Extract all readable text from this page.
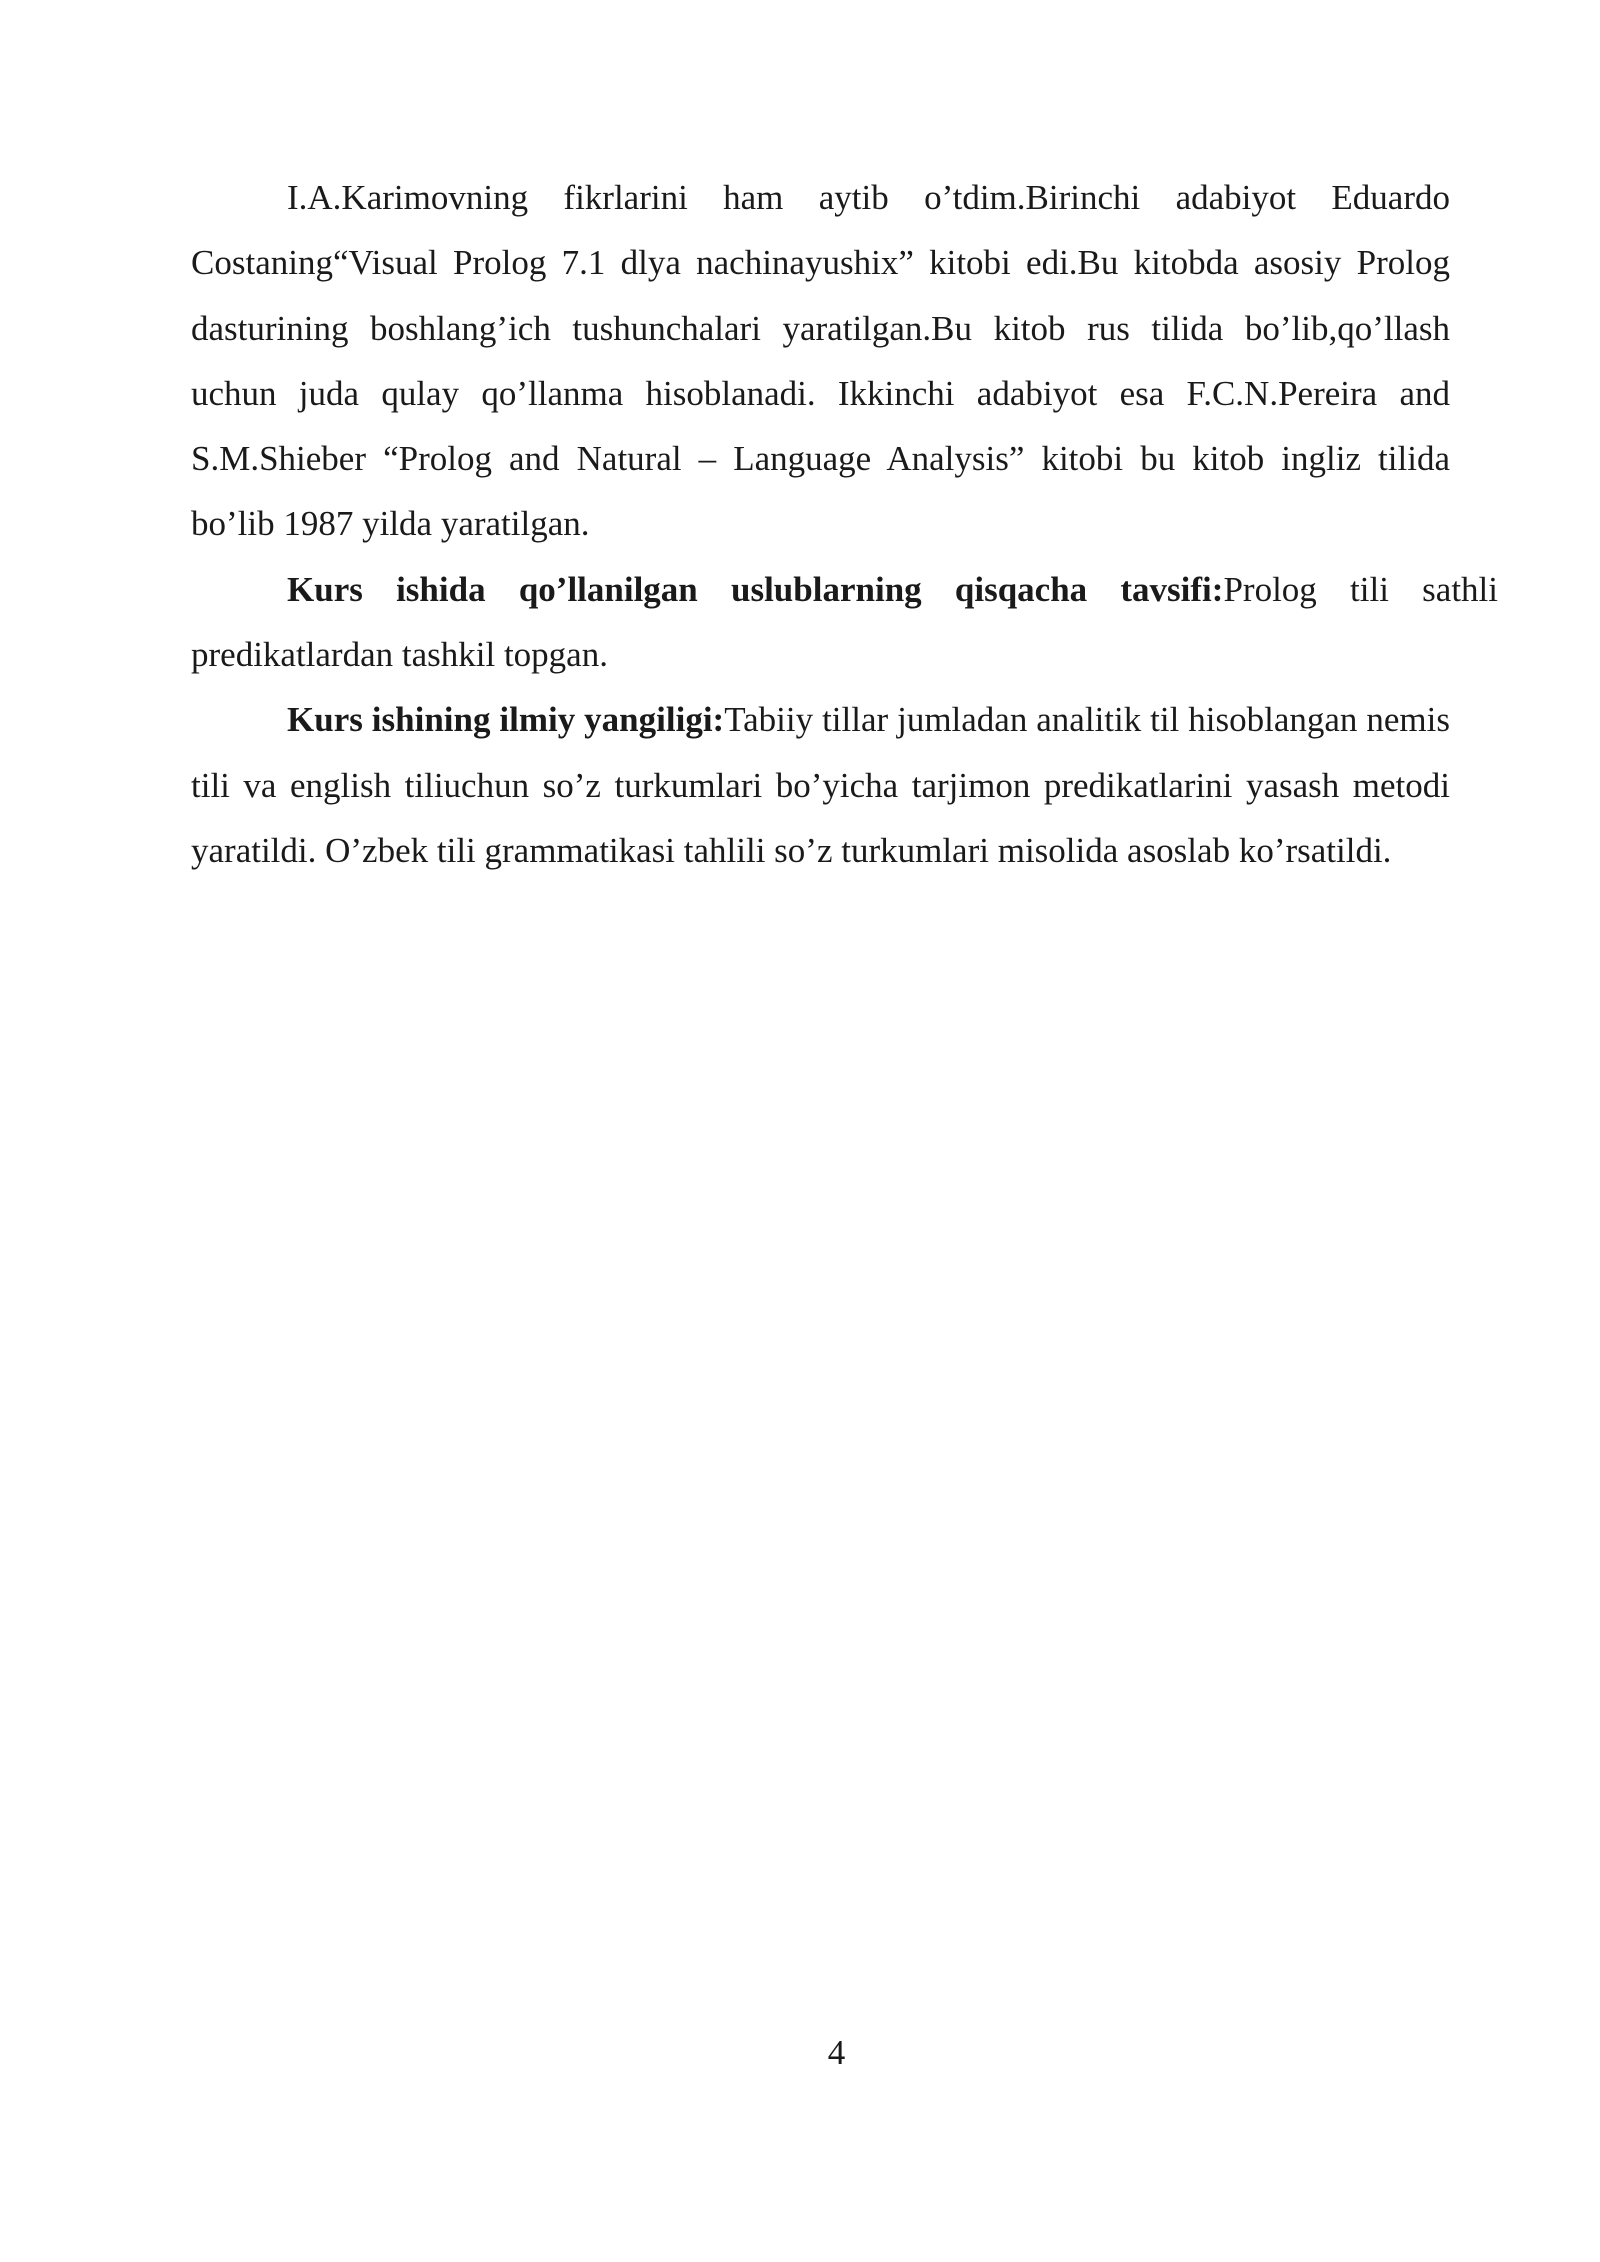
I.A.Karimovning fikrlarini ham aytib o’tdim.Birinchi adabiyot Eduardo Costaning“Visual Prolog 7.1 dlya nachinayushix” kitobi edi.Bu kitobda asosiy Prolog dasturining boshlang’ich tushunchalari yaratilgan.Bu kitob rus tilida bo’lib,qo’llash uchun juda qulay qo’llanma hisoblanadi. Ikkinchi adabiyot esa F.C.N.Pereira and S.M.Shieber “Prolog and Natural – Language Analysis” kitobi bu kitob ingliz tilida bo’lib 1987 yilda yaratilgan.

Kurs ishida qo’llanilgan uslublarning qisqacha tavsifi:Prolog tili sathli predikatlardan tashkil topgan.

Kurs ishining ilmiy yangiligi:Tabiiy tillar jumladan analitik til hisoblangan nemis tili va english tiliuchun so’z turkumlari bo’yicha tarjimon predikatlarini yasash metodi yaratildi. O’zbek tili grammatikasi tahlili so’z turkumlari misolida asoslab ko’rsatildi.

4
